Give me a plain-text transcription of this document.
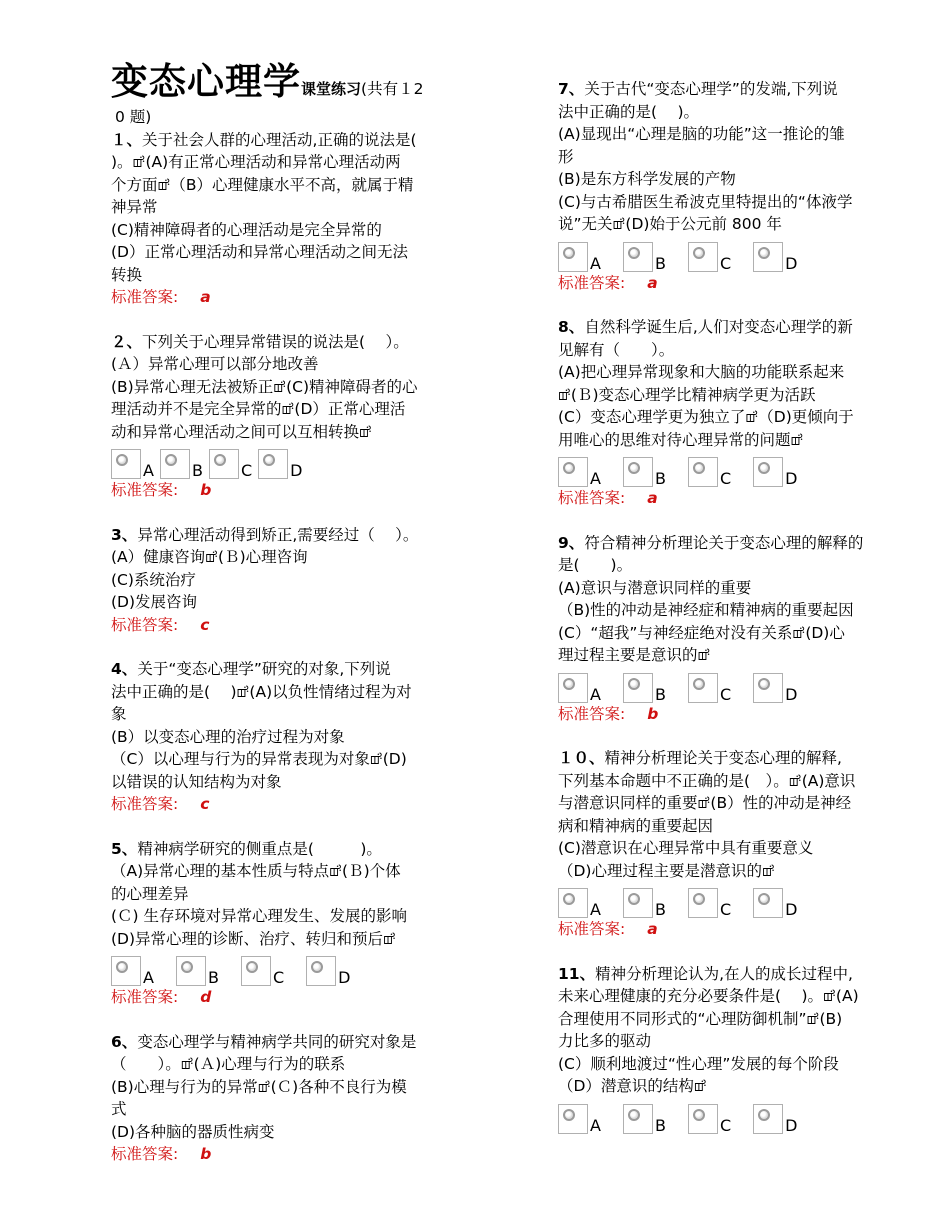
变态心理学课堂练习(共有１2
0 题)
１、关于社会人群的心理活动,正确的说法是(
)。ꕡ(A)有正常心理活动和异常心理活动两
个方面ꕡ（B）心理健康水平不高，就属于精
神异常
(C)精神障碍者的心理活动是完全异常的
(D）正常心理活动和异常心理活动之间无法
转换
标准答案: a
２、下列关于心理异常错误的说法是(　 ）。
(Ａ）异常心理可以部分地改善
(B)异常心理无法被矫正ꕡ(C)精神障碍者的心
理活动并不是完全异常的ꕡ(D）正常心理活
动和异常心理活动之间可以互相转换ꕡ
A B C D
标准答案: b
3、异常心理活动得到矫正,需要经过（　 ）。
(A）健康咨询ꕡ(Ｂ)心理咨询
(C)系统治疗
(D)发展咨询
标准答案: c
4、关于“变态心理学”研究的对象,下列说
法中正确的是(　 )ꕡ(A)以负性情绪过程为对
象
(B）以变态心理的治疗过程为对象
（C）以心理与行为的异常表现为对象ꕡ(D)
以错误的认知结构为对象
标准答案: c
5、精神病学研究的侧重点是(　　　)。
（A)异常心理的基本性质与特点ꕡ(Ｂ)个体
的心理差异
(Ｃ) 生存环境对异常心理发生、发展的影响
(D)异常心理的诊断、治疗、转归和预后ꕡ
A	B	C	D
标准答案: d
6、变态心理学与精神病学共同的研究对象是
（　　）。ꕡ(Ａ)心理与行为的联系
(B)心理与行为的异常ꕡ(Ｃ)各种不良行为模
式
(D)各种脑的器质性病变
标准答案: b
7、关于古代“变态心理学”的发端,下列说
法中正确的是(　 )。
(A)显现出“心理是脑的功能”这一推论的雏
形
(B)是东方科学发展的产物
(C)与古希腊医生希波克里特提出的“体液学
说”无关ꕡ(D)始于公元前 800 年
A	B	C	D
标准答案: a
8、自然科学诞生后,人们对变态心理学的新
见解有（　　）。
(A)把心理异常现象和大脑的功能联系起来
ꕡ(Ｂ)变态心理学比精神病学更为活跃
(C）变态心理学更为独立了ꕡ（D)更倾向于
用唯心的思维对待心理异常的问题ꕡ
A	B	C	D
标准答案: a
9、符合精神分析理论关于变态心理的解释的
是(　　)。
(A)意识与潜意识同样的重要
（B)性的冲动是神经症和精神病的重要起因
(C）“超我”与神经症绝对没有关系ꕡ(D)心
理过程主要是意识的ꕡ
A	B	C	D
标准答案: b
１０、精神分析理论关于变态心理的解释,
下列基本命题中不正确的是(　）。ꕡ(A)意识
与潜意识同样的重要ꕡ(B）性的冲动是神经
病和精神病的重要起因
(C)潜意识在心理异常中具有重要意义
（D)心理过程主要是潜意识的ꕡ
A	B	C	D
标准答案: a
11、精神分析理论认为,在人的成长过程中,
未来心理健康的充分必要条件是(　 )。ꕡ(A)
合理使用不同形式的“心理防御机制”ꕡ(B)
力比多的驱动
(C）顺利地渡过“性心理”发展的每个阶段
（D）潜意识的结构ꕡ
A	B	C	D
